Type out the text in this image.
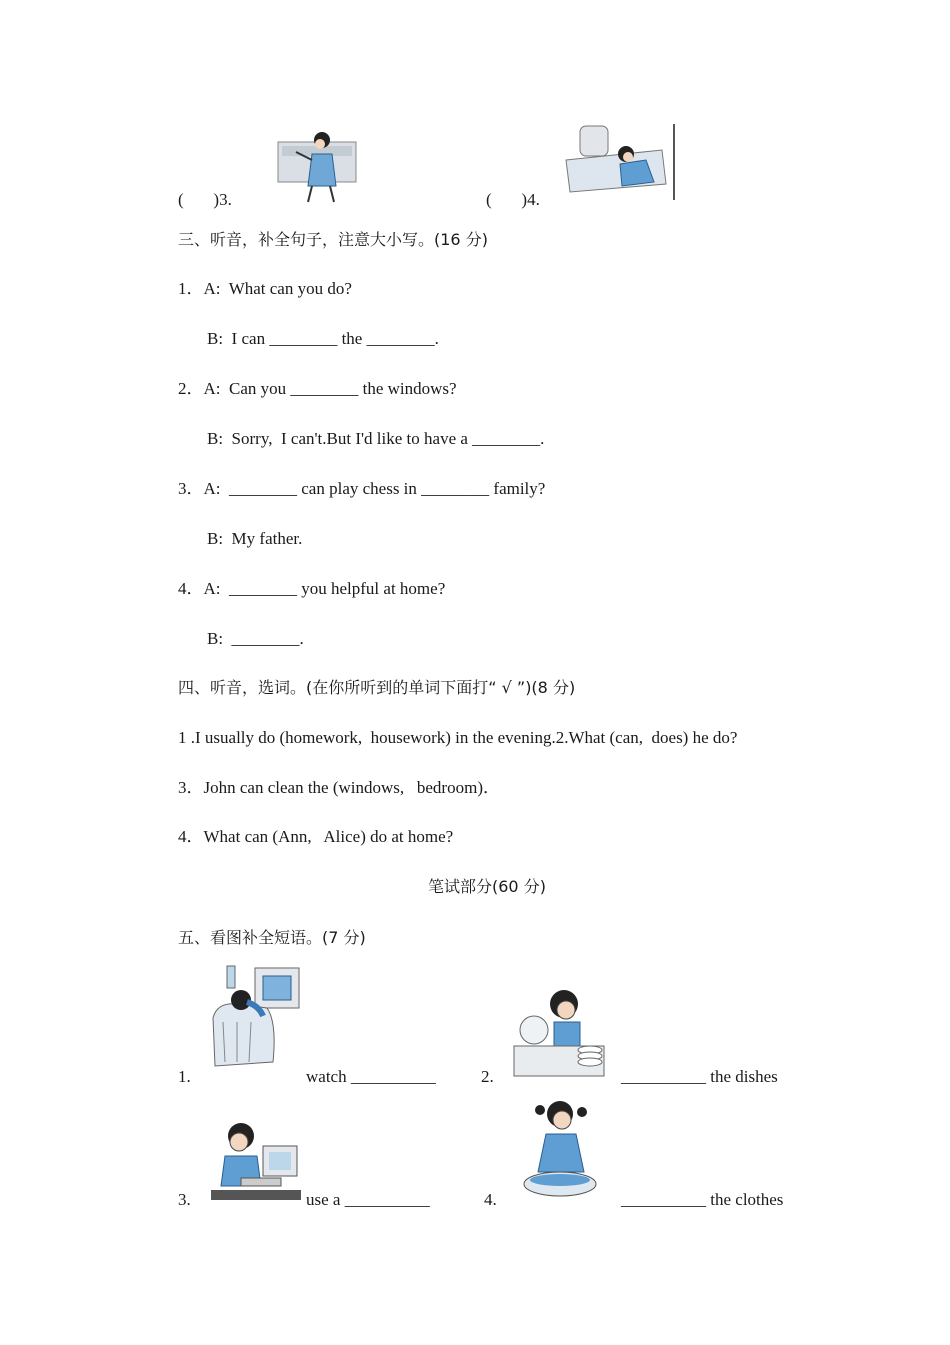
(       )3.	(       )4.
三、听音，补全句子，注意大小写。(16 分)
1．A:  What can you do?
B:  I can ________ the ________.
2．A:  Can you ________ the windows?
B:  Sorry,  I can't.But I'd like to have a ________.
3．A:  ________ can play chess in ________ family?
B:  My father.
4．A:  ________ you helpful at home?
B:  ________.
四、听音，选词。(在你所听到的单词下面打“ √ ”)(8 分)
1 .I usually do (homework,  housework) in the evening.2.What (can,  does) he do?
3．John can clean the (windows,   bedroom)．
4．What can (Ann,   Alice) do at home?
笔试部分(60 分)
五、看图补全短语。(7 分)
1.	watch __________	2.	__________ the dishes
3.	use a __________	4.	__________ the clothes
